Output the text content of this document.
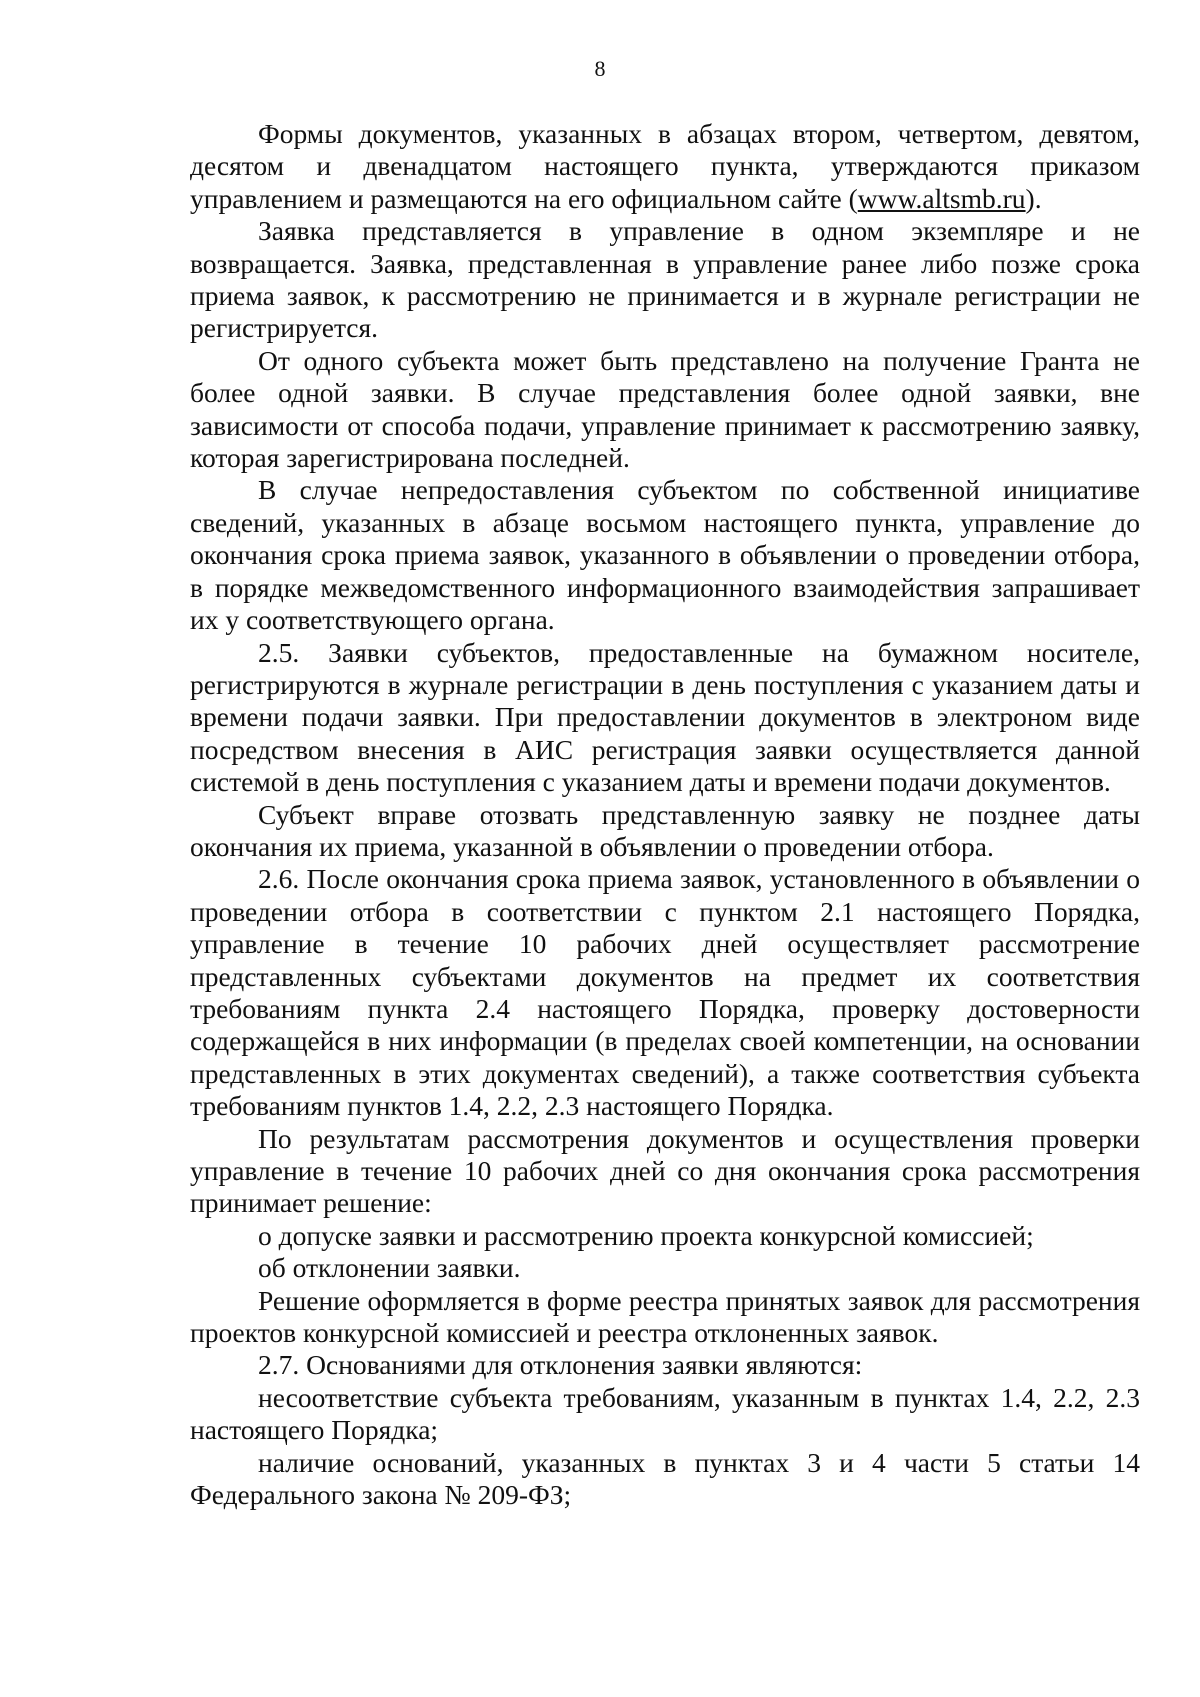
8

Формы документов, указанных в абзацах втором, четвертом, девятом, десятом и двенадцатом настоящего пункта, утверждаются приказом управлением и размещаются на его официальном сайте (www.altsmb.ru).

Заявка представляется в управление в одном экземпляре и не возвращается. Заявка, представленная в управление ранее либо позже срока приема заявок, к рассмотрению не принимается и в журнале регистрации не регистрируется.

От одного субъекта может быть представлено на получение Гранта не более одной заявки. В случае представления более одной заявки, вне зависимости от способа подачи, управление принимает к рассмотрению заявку, которая зарегистрирована последней.

В случае непредоставления субъектом по собственной инициативе сведений, указанных в абзаце восьмом настоящего пункта, управление до окончания срока приема заявок, указанного в объявлении о проведении отбора, в порядке межведомственного информационного взаимодействия запрашивает их у соответствующего органа.

2.5. Заявки субъектов, предоставленные на бумажном носителе, регистрируются в журнале регистрации в день поступления с указанием даты и времени подачи заявки. При предоставлении документов в электроном виде посредством внесения в АИС регистрация заявки осуществляется данной системой в день поступления с указанием даты и времени подачи документов.

Субъект вправе отозвать представленную заявку не позднее даты окончания их приема, указанной в объявлении о проведении отбора.

2.6. После окончания срока приема заявок, установленного в объявлении о проведении отбора в соответствии с пунктом 2.1 настоящего Порядка, управление в течение 10 рабочих дней осуществляет рассмотрение представленных субъектами документов на предмет их соответствия требованиям пункта 2.4 настоящего Порядка, проверку достоверности содержащейся в них информации (в пределах своей компетенции, на основании представленных в этих документах сведений), а также соответствия субъекта требованиям пунктов 1.4, 2.2, 2.3 настоящего Порядка.

По результатам рассмотрения документов и осуществления проверки управление в течение 10 рабочих дней со дня окончания срока рассмотрения принимает решение:

о допуске заявки и рассмотрению проекта конкурсной комиссией;

об отклонении заявки.

Решение оформляется в форме реестра принятых заявок для рассмотрения проектов конкурсной комиссией и реестра отклоненных заявок.

2.7. Основаниями для отклонения заявки являются:

несоответствие субъекта требованиям, указанным в пунктах 1.4, 2.2, 2.3 настоящего Порядка;

наличие оснований, указанных в пунктах 3 и 4 части 5 статьи 14 Федерального закона № 209-ФЗ;
